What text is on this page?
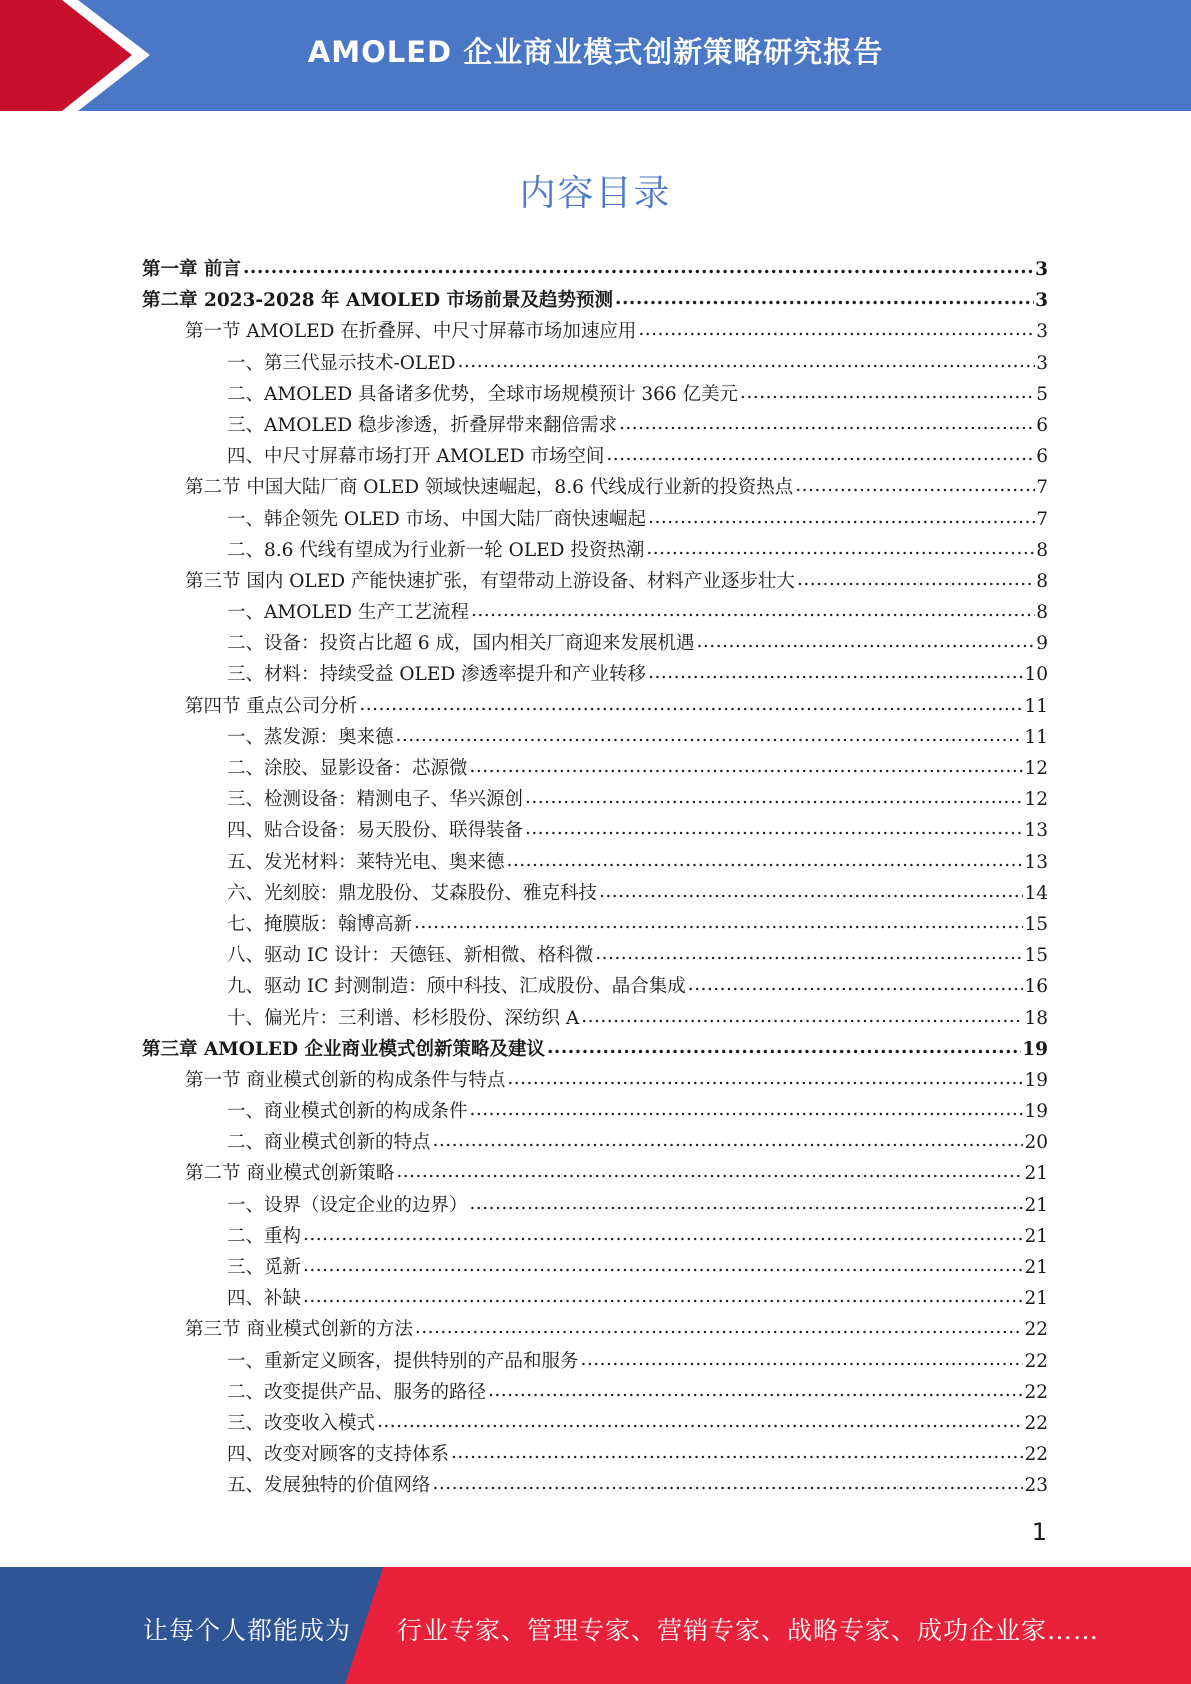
AMOLED 企业商业模式创新策略研究报告
内容目录
第一章 前言 .....	3
第二章 2023-2028 年 AMOLED 市场前景及趋势预测 .....	3
第一节 AMOLED 在折叠屏、中尺寸屏幕市场加速应用 .....	3
一、第三代显示技术-OLED .....	3
二、AMOLED 具备诸多优势，全球市场规模预计 366 亿美元 .....	5
三、AMOLED 稳步渗透，折叠屏带来翻倍需求 .....	6
四、中尺寸屏幕市场打开 AMOLED 市场空间 .....	6
第二节 中国大陆厂商 OLED 领域快速崛起，8.6 代线成行业新的投资热点 .....	7
一、韩企领先 OLED 市场、中国大陆厂商快速崛起 .....	7
二、8.6 代线有望成为行业新一轮 OLED 投资热潮 .....	8
第三节 国内 OLED 产能快速扩张，有望带动上游设备、材料产业逐步壮大 .....	8
一、AMOLED 生产工艺流程 .....	8
二、设备：投资占比超 6 成，国内相关厂商迎来发展机遇 .....	9
三、材料：持续受益 OLED 渗透率提升和产业转移 .....	10
第四节 重点公司分析 .....	11
一、蒸发源：奥来德 .....	11
二、涂胶、显影设备：芯源微 .....	12
三、检测设备：精测电子、华兴源创 .....	12
四、贴合设备：易天股份、联得装备 .....	13
五、发光材料：莱特光电、奥来德 .....	13
六、光刻胶：鼎龙股份、艾森股份、雅克科技 .....	14
七、掩膜版：翰博高新 .....	15
八、驱动 IC 设计：天德钰、新相微、格科微 .....	15
九、驱动 IC 封测制造：颀中科技、汇成股份、晶合集成 .....	16
十、偏光片：三利谱、杉杉股份、深纺织 A .....	18
第三章 AMOLED 企业商业模式创新策略及建议 .....	19
第一节 商业模式创新的构成条件与特点 .....	19
一、商业模式创新的构成条件 .....	19
二、商业模式创新的特点 .....	20
第二节 商业模式创新策略 .....	21
一、设界（设定企业的边界） .....	21
二、重构 .....	21
三、觅新 .....	21
四、补缺 .....	21
第三节 商业模式创新的方法 .....	22
一、重新定义顾客，提供特别的产品和服务 .....	22
二、改变提供产品、服务的路径 .....	22
三、改变收入模式 .....	22
四、改变对顾客的支持体系 .....	22
五、发展独特的价值网络 .....	23
1
让每个人都能成为 行业专家、管理专家、营销专家、战略专家、成功企业家……
